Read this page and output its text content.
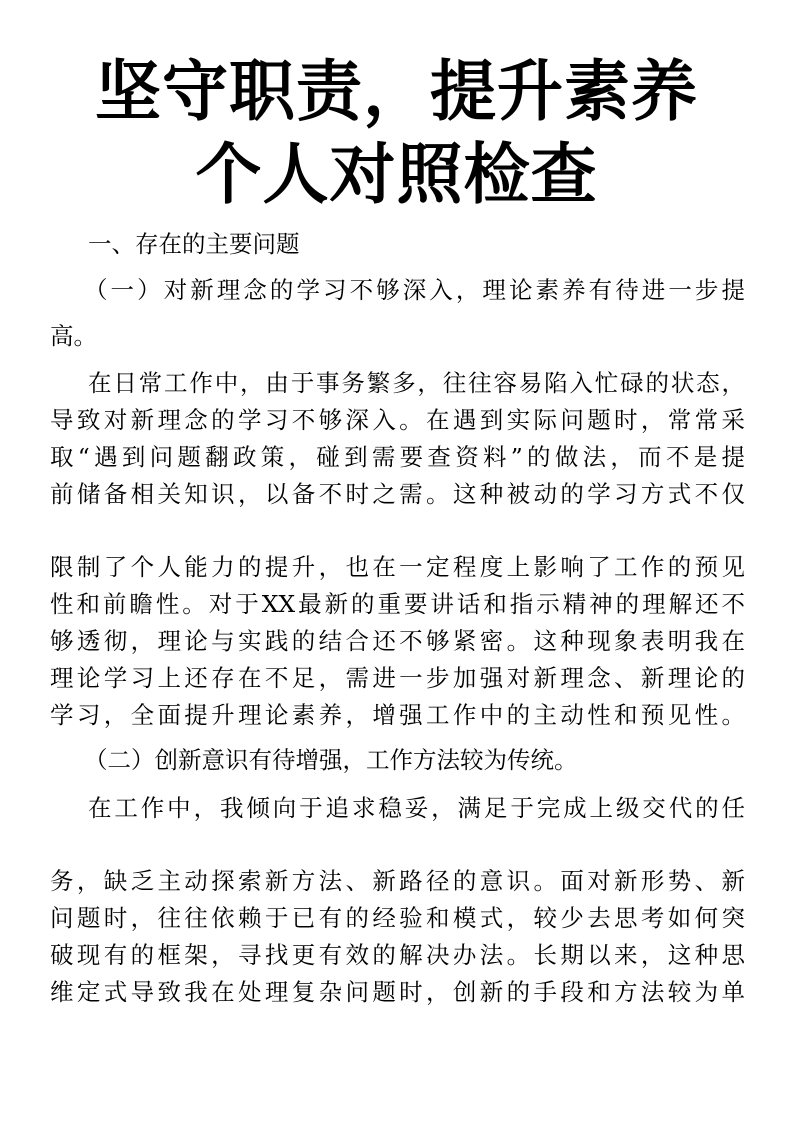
坚守职责，提升素养
个人对照检查
一、存在的主要问题
（一）对新理念的学习不够深入，理论素养有待进一步提
高。
在日常工作中，由于事务繁多，往往容易陷入忙碌的状态，
导致对新理念的学习不够深入。在遇到实际问题时，常常采
取“遇到问题翻政策，碰到需要查资料”的做法，而不是提
前储备相关知识，以备不时之需。这种被动的学习方式不仅
限制了个人能力的提升，也在一定程度上影响了工作的预见
性和前瞻性。对于XX最新的重要讲话和指示精神的理解还不
够透彻，理论与实践的结合还不够紧密。这种现象表明我在
理论学习上还存在不足，需进一步加强对新理念、新理论的
学习，全面提升理论素养，增强工作中的主动性和预见性。
（二）创新意识有待增强，工作方法较为传统。
在工作中，我倾向于追求稳妥，满足于完成上级交代的任
务，缺乏主动探索新方法、新路径的意识。面对新形势、新
问题时，往往依赖于已有的经验和模式，较少去思考如何突
破现有的框架，寻找更有效的解决办法。长期以来，这种思
维定式导致我在处理复杂问题时，创新的手段和方法较为单
